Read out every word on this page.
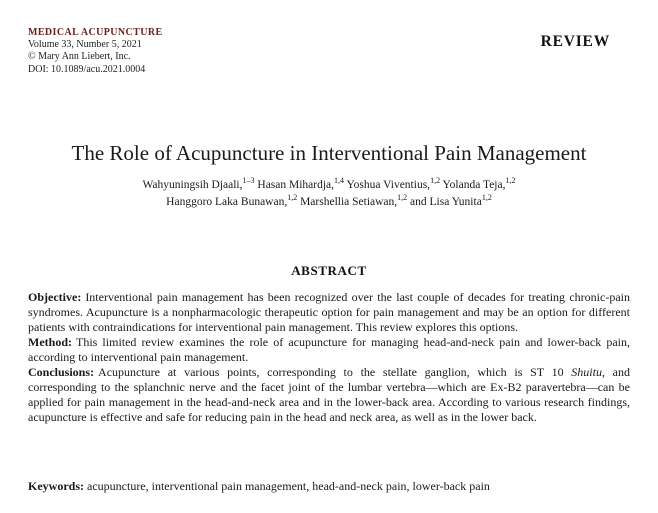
MEDICAL ACUPUNCTURE
Volume 33, Number 5, 2021
© Mary Ann Liebert, Inc.
DOI: 10.1089/acu.2021.0004
REVIEW
The Role of Acupuncture in Interventional Pain Management
Wahyuningsih Djaali,$^{1-3}$ Hasan Mihardja,$^{1,4}$ Yoshua Viventius,$^{1,2}$ Yolanda Teja,$^{1,2}$
Hanggoro Laka Bunawan,$^{1,2}$ Marshellia Setiawan,$^{1,2}$ and Lisa Yunita$^{1,2}$
ABSTRACT

Objective: Interventional pain management has been recognized over the last couple of decades for treating chronic-pain syndromes. Acupuncture is a nonpharmacologic therapeutic option for pain management and may be an option for different patients with contraindications for interventional pain management. This review explores this options.

Method: This limited review examines the role of acupuncture for managing head-and-neck pain and lower-back pain, according to interventional pain management.

Conclusions: Acupuncture at various points, corresponding to the stellate ganglion, which is ST 10 Shuitu, and corresponding to the splanchnic nerve and the facet joint of the lumbar vertebra—which are Ex-B2 paravertebra—can be applied for pain management in the head-and-neck area and in the lower-back area. According to various research findings, acupuncture is effective and safe for reducing pain in the head and neck area, as well as in the lower back.

Keywords: acupuncture, interventional pain management, head-and-neck pain, lower-back pain
